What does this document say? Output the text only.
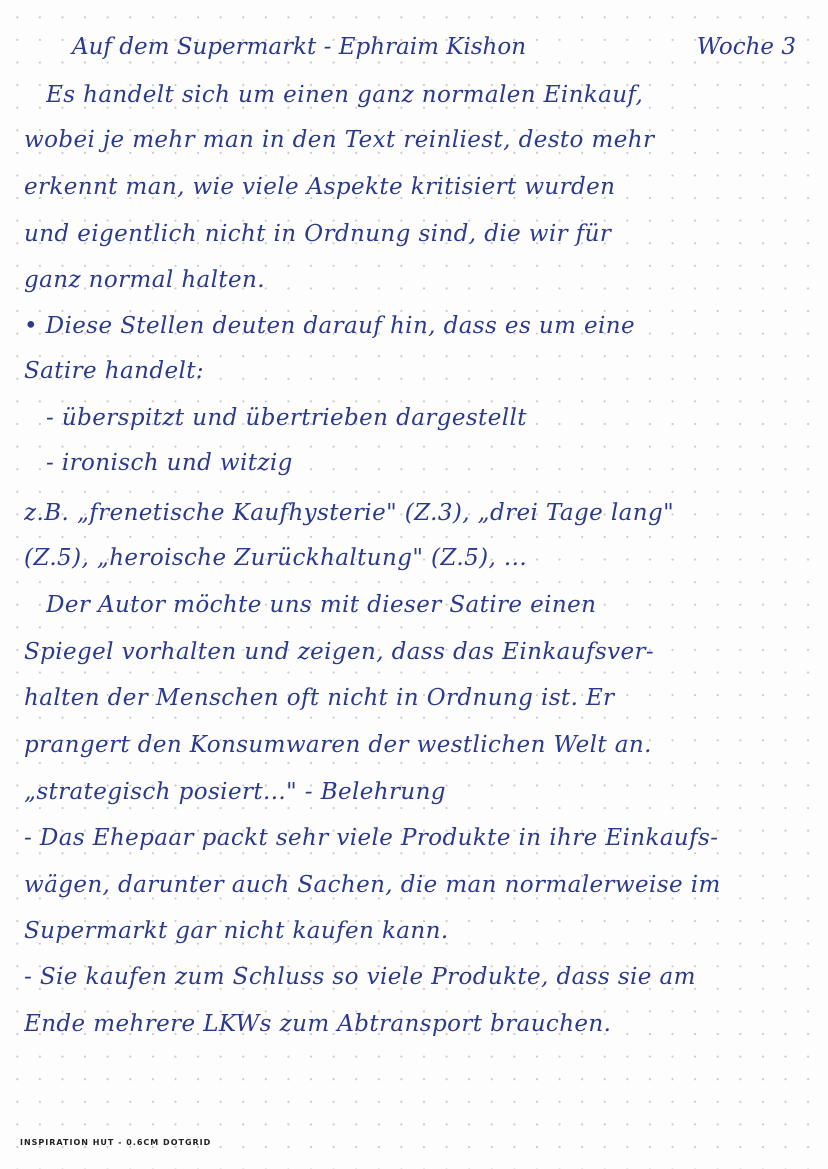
Auf dem Supermarkt - Ephraim Kishon	Woche 3
Es handelt sich um einen ganz normalen Einkauf,
wobei je mehr man in den Text reinliest, desto mehr
erkennt man, wie viele Aspekte kritisiert wurden
und eigentlich nicht in Ordnung sind, die wir für
ganz normal halten.
• Diese Stellen deuten darauf hin, dass es um eine
Satire handelt:
- überspitzt und übertrieben dargestellt
- ironisch und witzig
z.B. „frenetische Kaufhysterie" (Z.3), „drei Tage lang"
(Z.5), „heroische Zurückhaltung" (Z.5), ...
Der Autor möchte uns mit dieser Satire einen
Spiegel vorhalten und zeigen, dass das Einkaufsver-
halten der Menschen oft nicht in Ordnung ist. Er
prangert den Konsumwaren der westlichen Welt an.
„strategisch posiert..." - Belehrung
- Das Ehepaar packt sehr viele Produkte in ihre Einkaufs-
wägen, darunter auch Sachen, die man normalerweise im
Supermarkt gar nicht kaufen kann.
- Sie kaufen zum Schluss so viele Produkte, dass sie am
Ende mehrere LKWs zum Abtransport brauchen.
INSPIRATION HUT - 0.6CM DOTGRID
